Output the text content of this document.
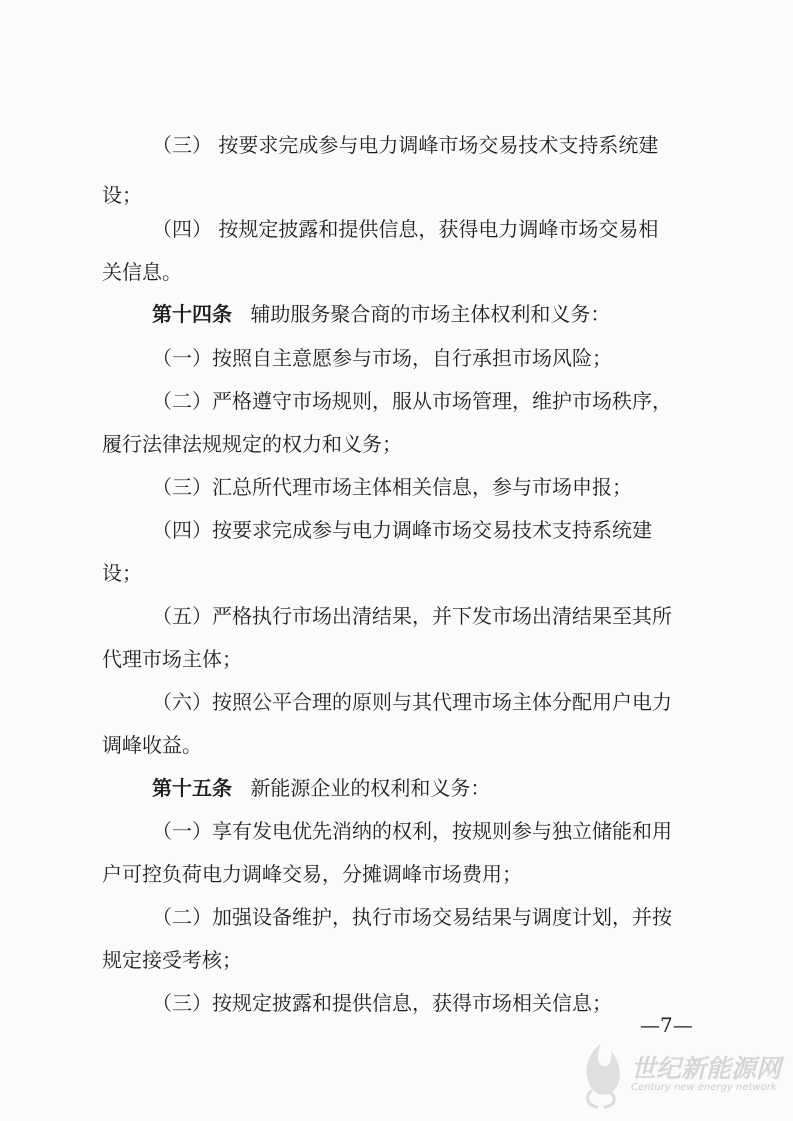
（三） 按要求完成参与电力调峰市场交易技术支持系统建
设；
（四） 按规定披露和提供信息，获得电力调峰市场交易相
关信息。
第十四条 辅助服务聚合商的市场主体权利和义务：
（一）按照自主意愿参与市场，自行承担市场风险；
（二）严格遵守市场规则，服从市场管理，维护市场秩序，
履行法律法规规定的权力和义务；
（三）汇总所代理市场主体相关信息，参与市场申报；
（四）按要求完成参与电力调峰市场交易技术支持系统建
设；
（五）严格执行市场出清结果，并下发市场出清结果至其所
代理市场主体；
（六）按照公平合理的原则与其代理市场主体分配用户电力
调峰收益。
第十五条 新能源企业的权利和义务：
（一）享有发电优先消纳的权利，按规则参与独立储能和用
户可控负荷电力调峰交易，分摊调峰市场费用；
（二）加强设备维护，执行市场交易结果与调度计划，并按
规定接受考核；
（三）按规定披露和提供信息，获得市场相关信息；
—7—
世纪新能源网
Century new energy network
